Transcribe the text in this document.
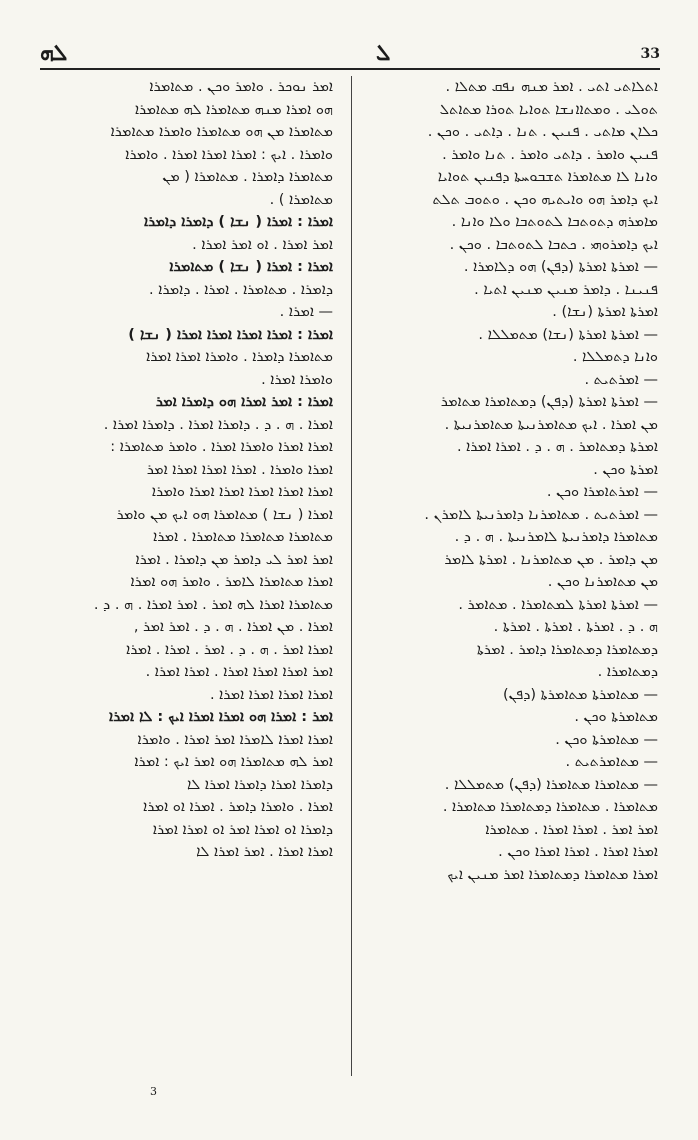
ܠܗ	ܠ	33
ܐܡܪ ܢܘܟܪ . ܘܐܡܪ ܘܟܢ . ܡܬܐܡܪܐ
ܗܘ ܐܡܪܐ ܡܢܗ ܡܬܐܡܪܐ ܠܗ ܡܬܐܡܪܐ
ܡܬܐܡܪܐ ܡܢ ܗܘ ܡܬܐܡܪܐ ܘܐܡܪܐ ܡܬܐܡܪܐ
ܘܐܡܪܐ . ܐܝܟ : ܐܡܪܐ ܐܡܪܐ ܐܡܪܐ . ܘܐܡܪܐ
ܡܬܐܡܪܐ ܕܐܡܪܐ . ܡܬܐܡܪܐ ( ܡܢ
ܡܬܐܡܪܐ ) .
ܐܡܪܐ : ܐܡܪܐ ( ܢܫܐ ) ܕܐܡܪܐ ܕܐܡܪܐ
ܐܡܪ ܐܡܪܐ . ܐܘ ܐܡܪ ܐܡܪܐ .
ܐܡܪܐ : ܐܡܪܐ ( ܢܫܐ ) ܡܬܐܡܪܐ
ܕܐܡܪܐ . ܡܬܐܡܪܐ . ܐܡܪܐ . ܕܐܡܪܐ .
— ܐܡܪܐ .
ܐܡܪܐ : ܐܡܪܐ ܐܡܪܐ ܐܡܪܐ ܐܡܪܐ ( ܢܫܐ )
ܡܬܐܡܪܐ ܕܐܡܪܐ . ܘܐܡܪܐ ܐܡܪܐ ܐܡܪܐ
ܘܐܡܪܐ ܐܡܪܐ .
ܐܡܪܐ : ܐܡܪ ܐܡܪܐ ܗܘ ܕܐܡܪܐ ܐܡܪ
ܐܡܪܐ . ܗ . ܕ . ܕܐܡܪܐ ܐܡܪܐ . ܕܐܡܪܐ ܐܡܪܐ .
ܐܡܪܐ ܐܡܪܐ ܘܐܡܪܐ ܐܡܪܐ . ܘܐܡܪ ܡܬܐܡܪܐ :
ܐܡܪܐ ܘܐܡܪܐ . ܐܡܪܐ ܐܡܪܐ ܐܡܪܐ ܐܡܪ
ܐܡܪܐ ܐܡܪܐ ܐܡܪܐ ܐܡܪܐ ܐܡܪܐ ܘܐܡܪܐ
ܐܡܪܐ ( ܢܫܐ ) ܡܬܐܡܪܐ ܗܘ ܐܝܟ ܡܢ ܘܐܡܪ
ܡܬܐܡܪܐ ܡܬܐܡܪܐ ܡܬܐܡܪܐ . ܐܡܪܐ
ܐܡܪ ܐܡܪ ܠܝ ܕܐܡܪ ܡܢ ܕܐܡܪܐ . ܐܡܪܐ
ܐܡܪܐ ܡܬܐܡܪܐ ܠܐܡܪ . ܘܐܡܪ ܗܘ ܐܡܪܐ
ܡܬܐܡܪܐ ܐܡܪܐ ܠܗ ܐܡܪ . ܐܡܪ ܐܡܪܐ . ܗ . ܕ .
ܐܡܪܐ . ܡܢ ܐܡܪܐ . ܗ . ܕ . ܐܡܪ ܐܡܪ ,
ܐܡܪܐ ܐܡܪ . ܗ . ܕ . ܐܡܪ . ܐܡܪܐ . ܐܡܪܐ
ܐܡܪ ܐܡܪܐ ܐܡܪܐ ܐܡܪܐ . ܐܡܪܐ ܐܡܪܐ .
ܐܡܪܐ ܐܡܪܐ ܐܡܪܐ ܐܡܪܐ .
ܐܡܪ : ܐܡܪܐ ܗܘ ܐܡܪܐ ܐܡܪܐ ܐܝܟ : ܠܐ ܐܡܪܐ
ܐܡܪܐ ܐܡܪܐ ܠܐܡܪܐ ܐܡܪ ܐܡܪܐ . ܘܐܡܪܐ
ܐܡܪ ܠܗ ܡܬܐܡܪܐ ܗܘ ܐܡܪ ܐܝܟ : ܐܡܪܐ
ܕܐܡܪܐ ܐܡܪܐ ܕܐܡܪܐ ܐܡܪܐ ܠܐ
ܐܡܪܐ . ܘܐܡܪܐ ܕܐܡܪ . ܐܡܪܐ ܐܘ ܐܡܪܐ
ܕܐܡܪܐ ܐܘ ܐܡܪܐ ܐܡܪ ܐܘ ܐܡܪܐ ܐܡܪܐ
ܐܡܪܐ ܐܡܪܐ . ܐܡܪ ܐܡܪܐ ܠܐ
ܐܬܠܐܬܝ ܐܬܝ . ܐܡܪ ܡܢܗ ܢܦܩ ܡܬܠܐ .
ܬܘܠܝ . ܘܡܬܐܐܢܫܐ ܬܘܐܝܐ ܬܘܪܐ ܡܬܐܬܠ
ܟܠܐܢ ܡܐܬܝ . ܦܢܝܢ . ܬܢܐ . ܕܐܬܝ . ܘܟܢ .
ܦܢܝܢ ܘܐܡܪ . ܕܐܬܝ ܘܐܡܪ . ܬܢܐ ܘܐܡܪ .
ܘܐܢܐ ܠܐ ܡܬܐܡܪܐ ܬܫܒܘܚܬܐ ܕܦܢܝܢ ܬܘܐܝܐ
ܐܝܟ ܕܐܡܪ ܗܘ ܘܐܝܬܝܗ ܘܟܢ . ܘܬܘܒ ܬܠܬ
ܡܐܡܪܗ ܕܬܘܬܒܐ ܠܬܘܬܒܐ ܘܠܐ ܘܐܢܐ .
ܐܝܟ ܕܐܡܪܘܗܝ . ܟܬܒܐ ܠܬܘܬܒܐ . ܘܟܢ .
— ܐܡܪܬܐ ܐܡܪܬܐ (ܕܦܢ) ܗܘ ܕܠܐܡܪܐ .
ܦܢܝܢܐ . ܕܐܡܪ ܡܢܝܢ ܡܢܝܢ ܐܬܝܐ .
ܐܡܪܬܐ ܐܡܪܬܐ (ܢܫܐ) .
— ܐܡܪܬܐ ܐܡܪܬܐ (ܢܫܐ) ܡܬܡܠܠܐ .
ܘܐܢܐ ܕܬܡܠܠܐ .
— ܐܡܪܬܝܬ .
— ܐܡܪܬܐ ܐܡܪܬܐ (ܕܦܢ) ܕܡܬܐܡܪܐ ܡܬܐܡܪ
ܡܢ ܐܡܪܐ . ܐܝܟ ܡܬܐܡܪܢܝܬܐ ܡܬܐܡܪܢܝܬܐ .
ܐܡܪܬܐ ܕܡܬܐܡܪ . ܗ . ܕ . ܐܡܪܐ ܐܡܪܐ .
ܐܡܪܬܐ ܘܟܢ .
— ܐܡܪܬܐܡܪܐ ܘܟܢ .
— ܐܡܪܬܝܬ . ܡܬܐܡܪܢܐ ܕܐܡܪܢܝܬܐ ܠܐܡܪܢ .
ܡܬܐܡܪܐ ܕܐܡܪܢܝܬܐ ܠܐܡܪܢܝܬܐ . ܗ . ܕ .
ܡܢ ܕܐܡܪ . ܡܢ ܡܬܐܡܪܢܐ . ܐܡܪܬܐ ܠܐܡܪ
ܡܢ ܡܬܐܡܪܢܐ ܘܟܢ .
— ܐܡܪܬܐ ܐܡܪܬܐ ܠܡܬܐܡܪܐ . ܡܬܐܡܪ .
ܗ . ܕ . ܐܡܪܬܐ . ܐܡܪܬܐ . ܐܡܪܬܐ .
ܕܡܬܐܡܪܐ ܕܡܬܐܡܪܐ ܕܐܡܪ . ܐܡܪܬܐ
ܕܡܬܐܡܪܐ .
— ܡܬܐܡܪܬܐ ܡܬܐܡܪܬܐ (ܕܦܢ)
ܡܬܐܡܪܬܐ ܘܟܢ .
— ܡܬܐܡܪܬܐ ܘܟܢ .
— ܡܬܐܡܪܬܝܬ .
— ܡܬܐܡܪܐ ܡܬܐܡܪܐ (ܕܦܢ) ܡܬܡܠܠܐ .
ܡܬܐܡܪܐ . ܡܬܐܡܪܐ ܕܡܬܐܡܪܐ ܡܬܐܡܪܐ .
ܐܡܪ ܐܡܪ . ܐܡܪܐ ܐܡܪܐ . ܡܬܐܡܪܐ
ܐܡܪܐ ܐܡܪܐ . ܐܡܪܐ ܐܡܪܐ ܘܟܢ .
ܐܡܪܐ ܡܬܐܡܪܐ ܕܡܬܐܡܪܐ ܐܡܪ ܡܢܝܢ ܐܝܟ
3
